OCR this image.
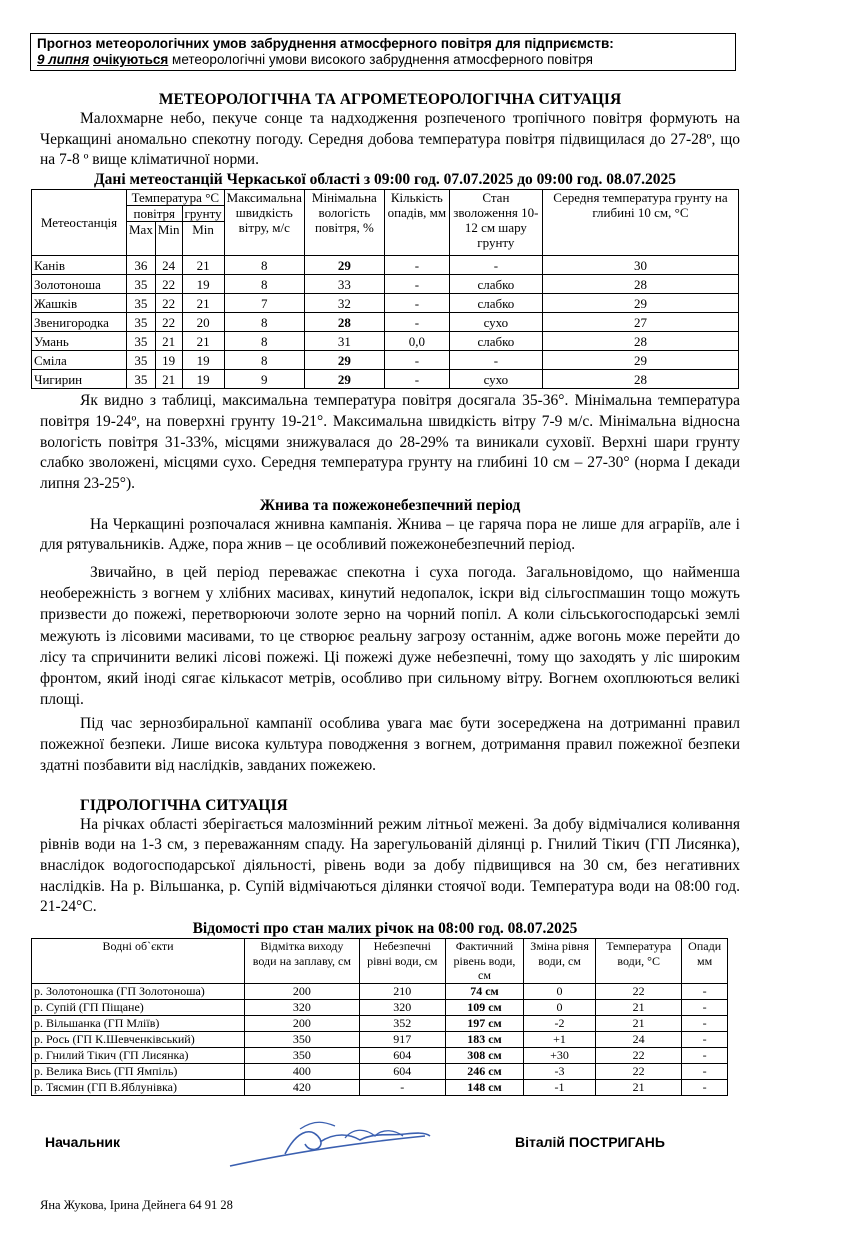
Прогноз метеорологічних умов забруднення атмосферного повітря для підприємств:
9 липня очікуються метеорологічні умови високого забруднення атмосферного повітря
МЕТЕОРОЛОГІЧНА ТА АГРОМЕТЕОРОЛОГІЧНА СИТУАЦІЯ
Малохмарне небо, пекуче сонце та надходження розпеченого тропічного повітря формують на Черкащині аномально спекотну погоду. Середня добова температура повітря підвищилася до 27-28º, що на 7-8 º вище кліматичної норми.
Дані метеостанцій Черкаської області з 09:00 год. 07.07.2025 до 09:00 год. 08.07.2025
Метеостанція	Температура °С			Максимальна швидкість вітру, м/с	Мінімальна вологість повітря, %	Кількість опадів, мм	Стан зволоження 10-12 см шару грунту	Середня температура грунту на глибині 10 см, °С
	повітря		грунту					
	Max	Min	Min					
Канів	36	24	21	8	29	-	-	30
Золотоноша	35	22	19	8	33	-	слабко	28
Жашків	35	22	21	7	32	-	слабко	29
Звенигородка	35	22	20	8	28	-	сухо	27
Умань	35	21	21	8	31	0,0	слабко	28
Сміла	35	19	19	8	29	-	-	29
Чигирин	35	21	19	9	29	-	сухо	28
Як видно з таблиці, максимальна температура повітря досягала 35-36°. Мінімальна температура повітря 19-24º, на поверхні грунту 19-21°. Максимальна швидкість вітру 7-9 м/с. Мінімальна відносна вологість повітря 31-33%, місцями знижувалася до 28-29% та виникали суховії. Верхні шари грунту слабко зволожені, місцями сухо. Середня температура грунту на глибині 10 см – 27-30° (норма І декади липня 23-25°).
Жнива та пожежонебезпечний період
На Черкащині розпочалася жнивна кампанія. Жнива – це гаряча пора не лише для аграріїв, але і для рятувальників. Адже, пора жнив – це особливий пожежонебезпечний період.
Звичайно, в цей період переважає спекотна і суха погода. Загальновідомо, що найменша необережність з вогнем у хлібних масивах, кинутий недопалок, іскри від сільгоспмашин тощо можуть призвести до пожежі, перетворюючи золоте зерно на чорний попіл. А коли сільськогосподарські землі межують із лісовими масивами, то це створює реальну загрозу останнім, адже вогонь може перейти до лісу та спричинити великі лісові пожежі. Ці пожежі дуже небезпечні, тому що заходять у ліс широким фронтом, який іноді сягає кількасот метрів, особливо при сильному вітру. Вогнем охоплюються великі площі.
Під час зернозбиральної кампанії особлива увага має бути зосереджена на дотриманні правил пожежної безпеки. Лише висока культура поводження з вогнем, дотримання правил пожежної безпеки здатні позбавити від наслідків, завданих пожежею.
ГІДРОЛОГІЧНА СИТУАЦІЯ
На річках області зберігається малозмінний режим літньої межені. За добу відмічалися коливання рівнів води на 1-3 см, з переважанням спаду. На зарегульованій ділянці р. Гнилий Тікич (ГП Лисянка), внаслідок водогосподарської діяльності, рівень води за добу підвищився на 30 см, без негативних наслідків. На р. Вільшанка, р. Супій відмічаються ділянки стоячої води. Температура води на 08:00 год. 21-24°С.
Відомості про стан малих річок на 08:00 год. 08.07.2025
Водні об`єкти	Відмітка виходу води на заплаву, см	Небезпечні рівні води, см	Фактичний рівень води, см	Зміна рівня води, см	Температура води, °С	Опади мм
р. Золотоношка (ГП Золотоноша)	200	210	74 см	0	22	-
р. Супій (ГП Піщане)	320	320	109 см	0	21	-
р. Вільшанка (ГП Мліїв)	200	352	197 см	-2	21	-
р. Рось (ГП К.Шевченківський)	350	917	183 см	+1	24	-
р. Гнилий Тікич (ГП Лисянка)	350	604	308 см	+30	22	-
р. Велика Вись (ГП Ямпіль)	400	604	246 см	-3	22	-
р. Тясмин (ГП В.Яблунівка)	420	-	148 см	-1	21	-
Начальник	Віталій ПОСТРИГАНЬ
Яна Жукова, Ірина Дейнега 64 91 28
